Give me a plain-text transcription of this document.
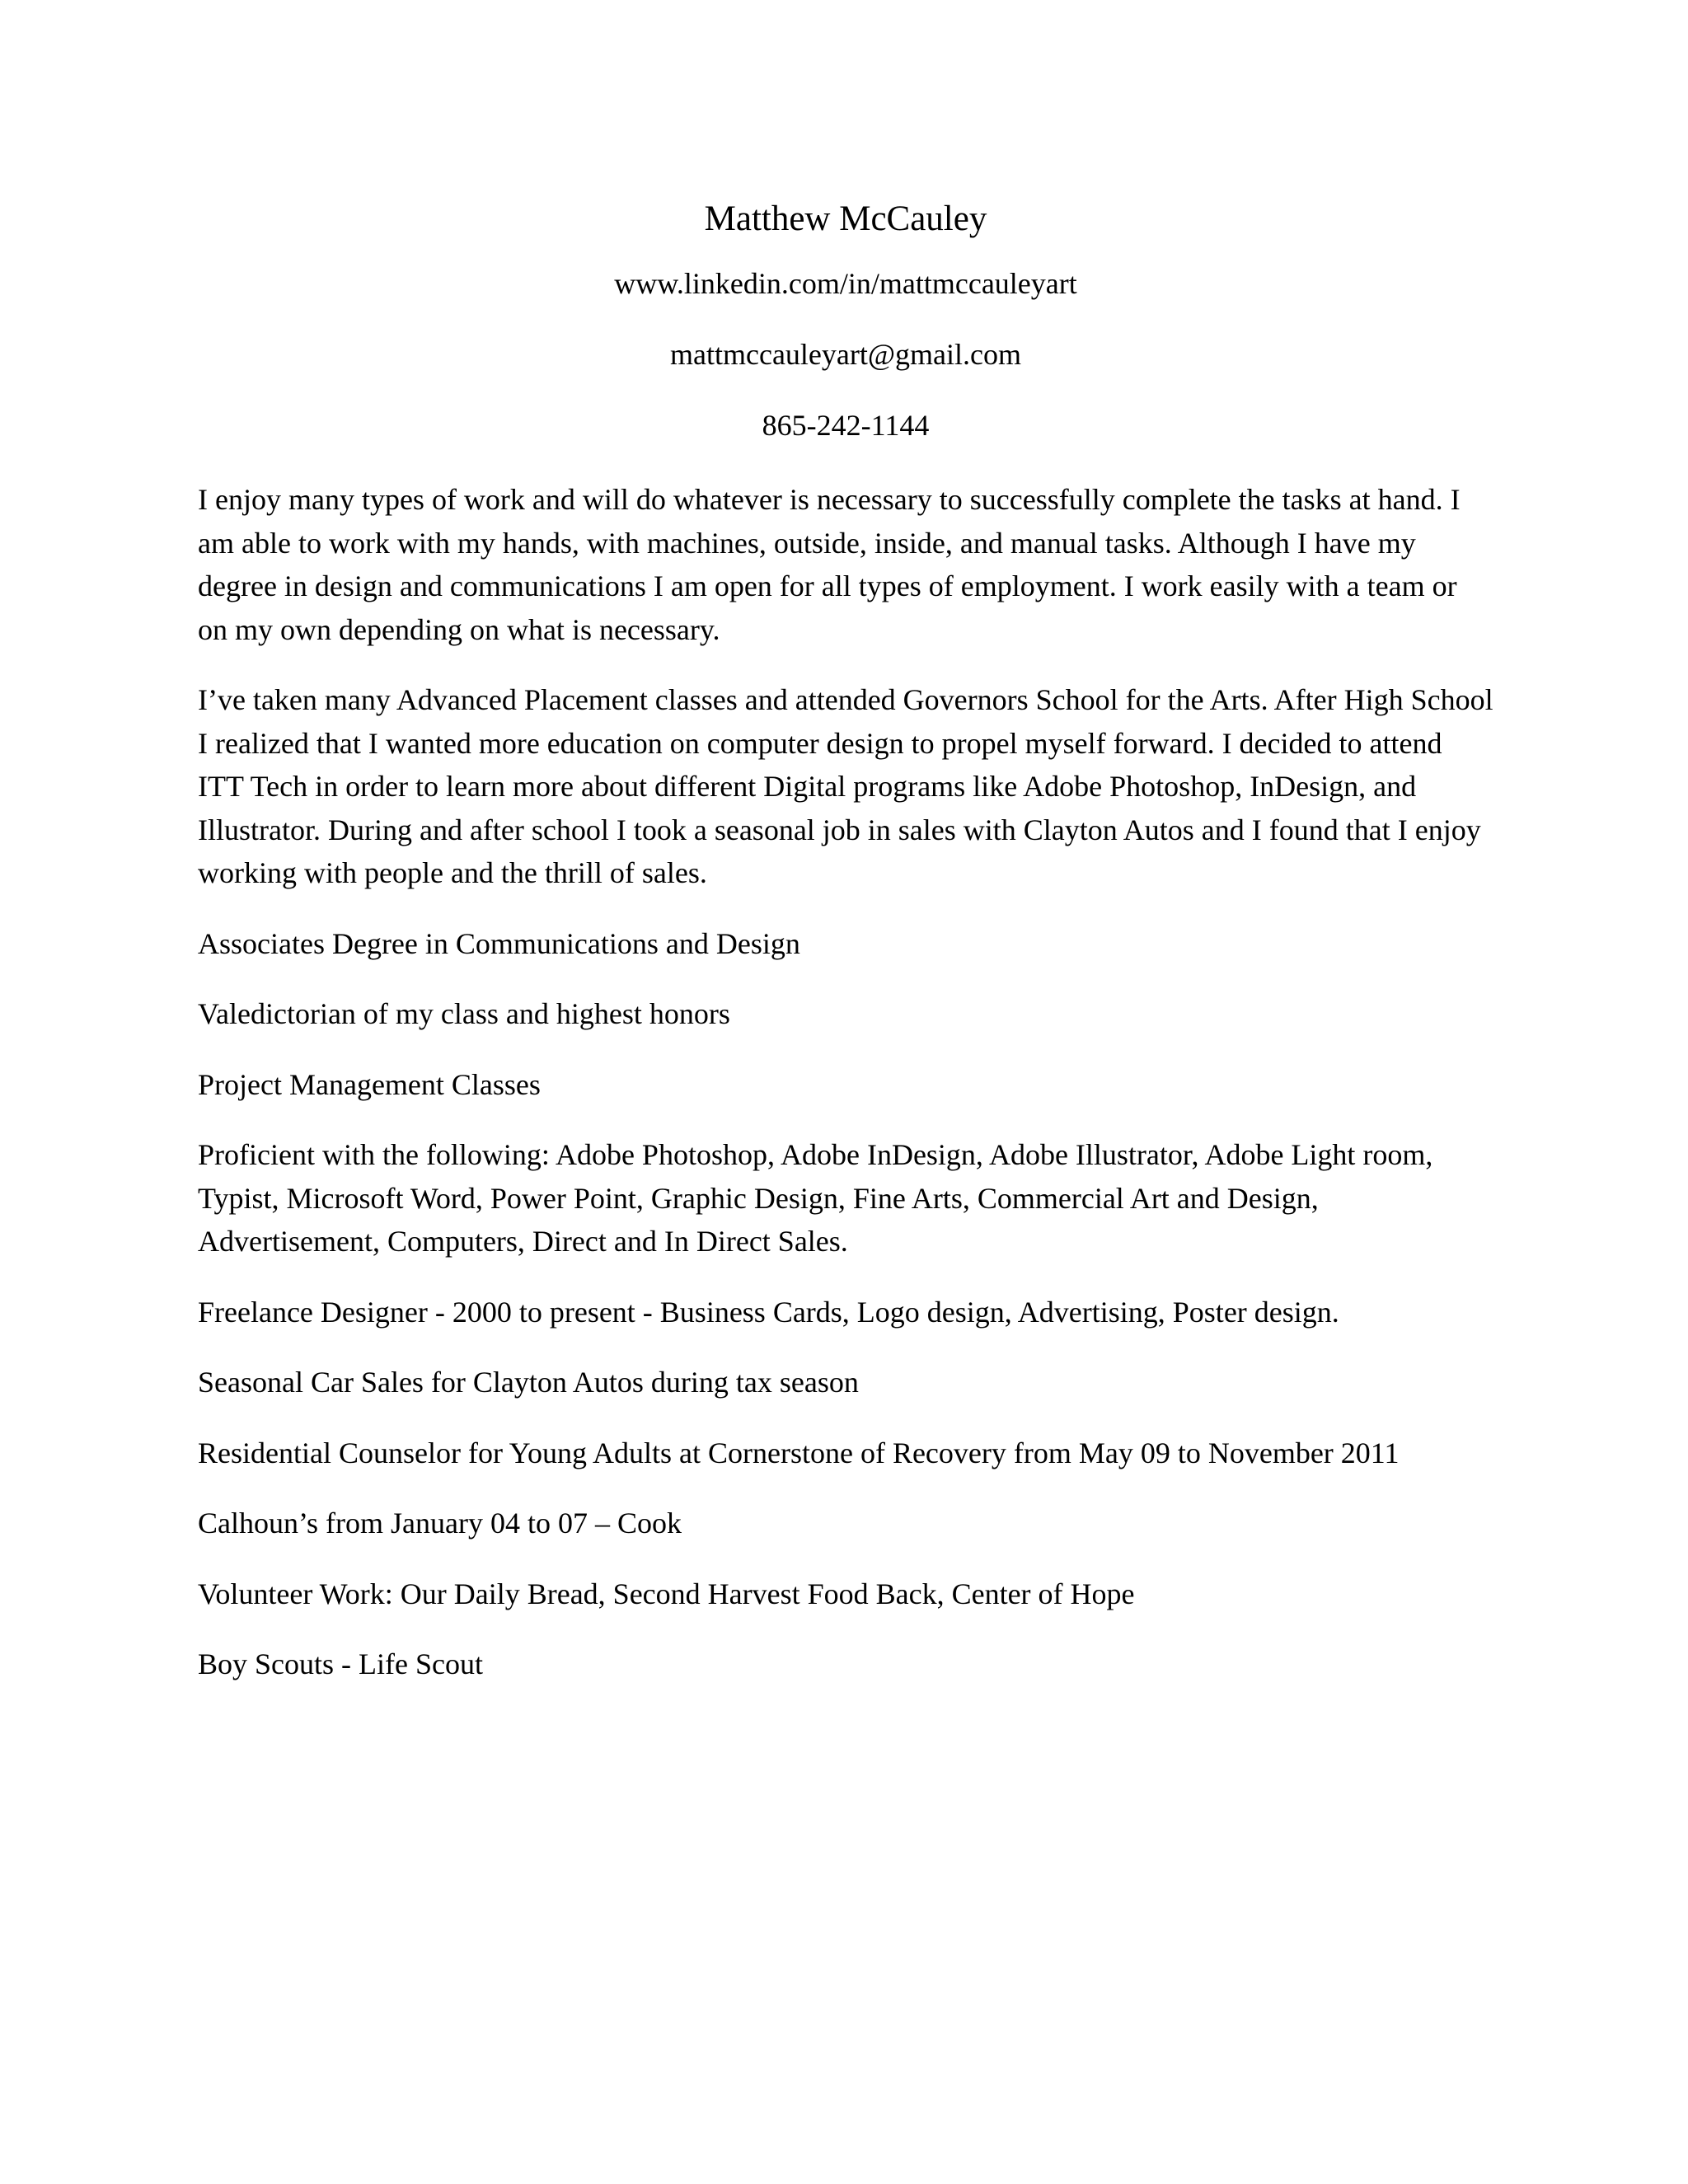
Matthew McCauley
www.linkedin.com/in/mattmccauleyart
mattmccauleyart@gmail.com
865-242-1144

I enjoy many types of work and will do whatever is necessary to successfully complete the tasks at hand. I am able to work with my hands, with machines, outside, inside, and manual tasks. Although I have my degree in design and communications I am open for all types of employment. I work easily with a team or on my own depending on what is necessary.

I’ve taken many Advanced Placement classes and attended Governors School for the Arts. After High School I realized that I wanted more education on computer design to propel myself forward. I decided to attend ITT Tech in order to learn more about different Digital programs like Adobe Photoshop, InDesign, and Illustrator. During and after school I took a seasonal job in sales with Clayton Autos and I found that I enjoy working with people and the thrill of sales.

Associates Degree in Communications and Design

Valedictorian of my class and highest honors

Project Management Classes

Proficient with the following: Adobe Photoshop, Adobe InDesign, Adobe Illustrator, Adobe Light room, Typist, Microsoft Word, Power Point, Graphic Design, Fine Arts, Commercial Art and Design, Advertisement, Computers, Direct and In Direct Sales.

Freelance Designer - 2000 to present - Business Cards, Logo design, Advertising, Poster design.

Seasonal Car Sales for Clayton Autos during tax season

Residential Counselor for Young Adults at Cornerstone of Recovery from May 09 to November 2011

Calhoun’s from January 04 to 07 – Cook

Volunteer Work: Our Daily Bread, Second Harvest Food Back, Center of Hope

Boy Scouts - Life Scout
